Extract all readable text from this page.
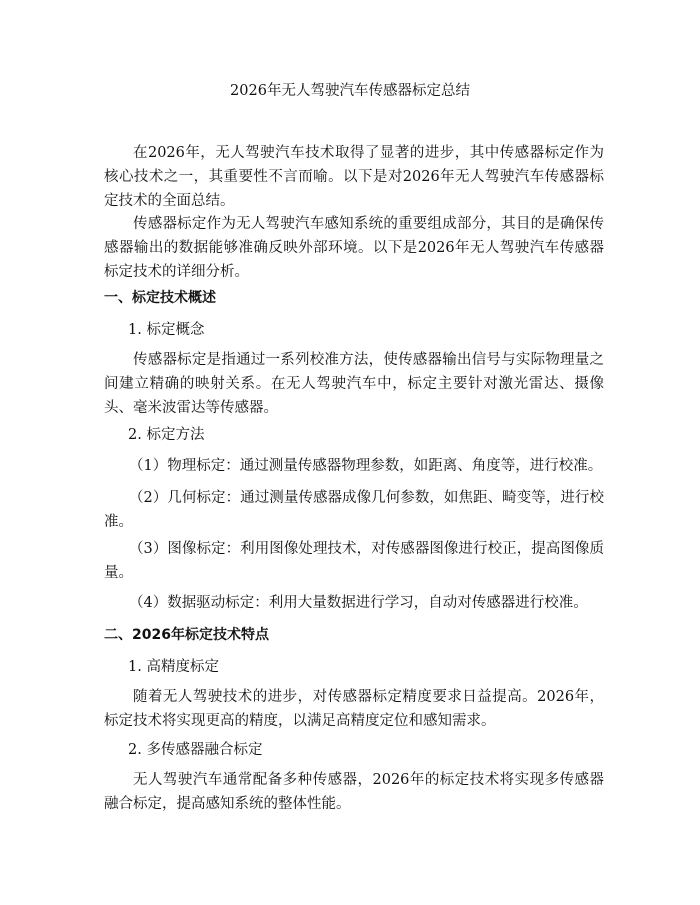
2026年无人驾驶汽车传感器标定总结
在2026年，无人驾驶汽车技术取得了显著的进步，其中传感器标定作为核心技术之一，其重要性不言而喻。以下是对2026年无人驾驶汽车传感器标定技术的全面总结。
传感器标定作为无人驾驶汽车感知系统的重要组成部分，其目的是确保传感器输出的数据能够准确反映外部环境。以下是2026年无人驾驶汽车传感器标定技术的详细分析。
一、标定技术概述
1. 标定概念
传感器标定是指通过一系列校准方法，使传感器输出信号与实际物理量之间建立精确的映射关系。在无人驾驶汽车中，标定主要针对激光雷达、摄像头、毫米波雷达等传感器。
2. 标定方法
（1）物理标定：通过测量传感器物理参数，如距离、角度等，进行校准。
（2）几何标定：通过测量传感器成像几何参数，如焦距、畸变等，进行校准。
（3）图像标定：利用图像处理技术，对传感器图像进行校正，提高图像质量。
（4）数据驱动标定：利用大量数据进行学习，自动对传感器进行校准。
二、2026年标定技术特点
1. 高精度标定
随着无人驾驶技术的进步，对传感器标定精度要求日益提高。2026年，标定技术将实现更高的精度，以满足高精度定位和感知需求。
2. 多传感器融合标定
无人驾驶汽车通常配备多种传感器，2026年的标定技术将实现多传感器融合标定，提高感知系统的整体性能。
